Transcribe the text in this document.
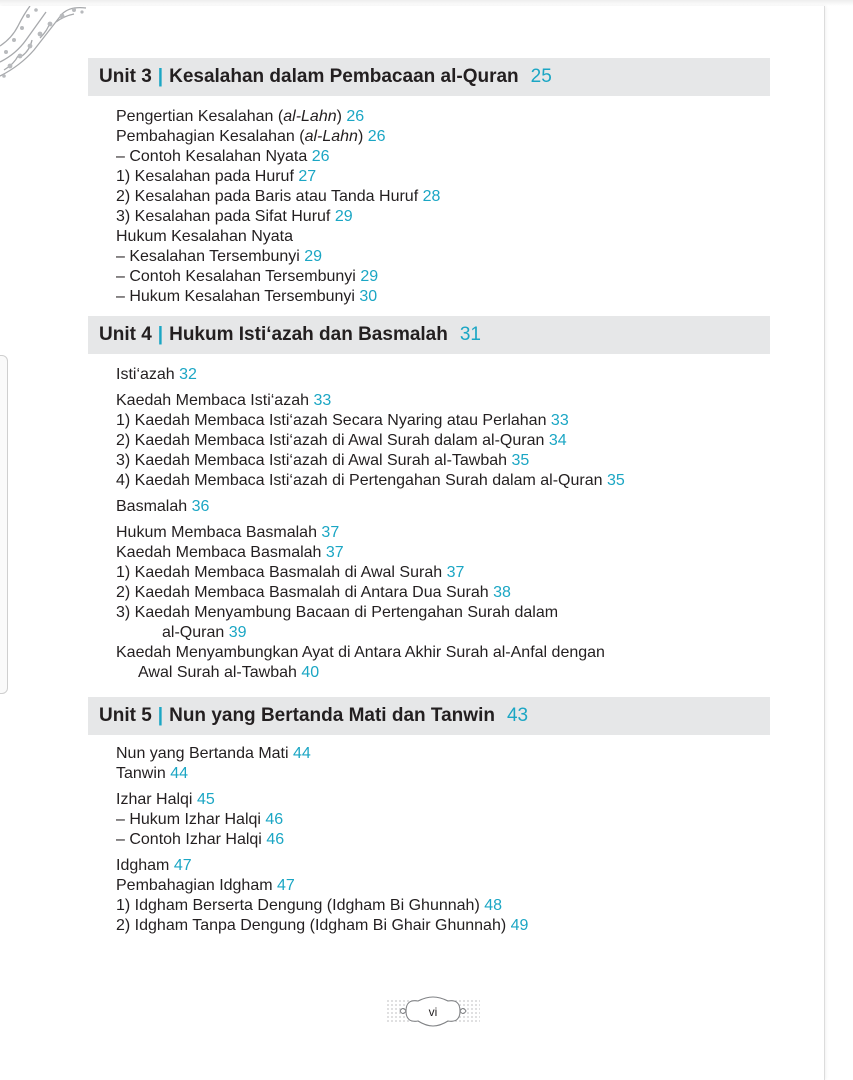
Unit 3 | Kesalahan dalam Pembacaan al-Quran 25
Pengertian Kesalahan (al-Lahn) 26
Pembahagian Kesalahan (al-Lahn) 26
– Contoh Kesalahan Nyata 26
1) Kesalahan pada Huruf 27
2) Kesalahan pada Baris atau Tanda Huruf 28
3) Kesalahan pada Sifat Huruf 29
Hukum Kesalahan Nyata
– Kesalahan Tersembunyi 29
– Contoh Kesalahan Tersembunyi 29
– Hukum Kesalahan Tersembunyi 30
Unit 4 | Hukum Isti‘azah dan Basmalah 31
Isti‘azah 32
Kaedah Membaca Isti‘azah 33
1) Kaedah Membaca Isti‘azah Secara Nyaring atau Perlahan 33
2) Kaedah Membaca Isti‘azah di Awal Surah dalam al-Quran 34
3) Kaedah Membaca Isti‘azah di Awal Surah al-Tawbah 35
4) Kaedah Membaca Isti‘azah di Pertengahan Surah dalam al-Quran 35
Basmalah 36
Hukum Membaca Basmalah 37
Kaedah Membaca Basmalah 37
1) Kaedah Membaca Basmalah di Awal Surah 37
2) Kaedah Membaca Basmalah di Antara Dua Surah 38
3) Kaedah Menyambung Bacaan di Pertengahan Surah dalam
al-Quran 39
Kaedah Menyambungkan Ayat di Antara Akhir Surah al-Anfal dengan
Awal Surah al-Tawbah 40
Unit 5 | Nun yang Bertanda Mati dan Tanwin 43
Nun yang Bertanda Mati 44
Tanwin 44
Izhar Halqi 45
– Hukum Izhar Halqi 46
– Contoh Izhar Halqi 46
Idgham 47
Pembahagian Idgham 47
1) Idgham Berserta Dengung (Idgham Bi Ghunnah) 48
2) Idgham Tanpa Dengung (Idgham Bi Ghair Ghunnah) 49
vi
